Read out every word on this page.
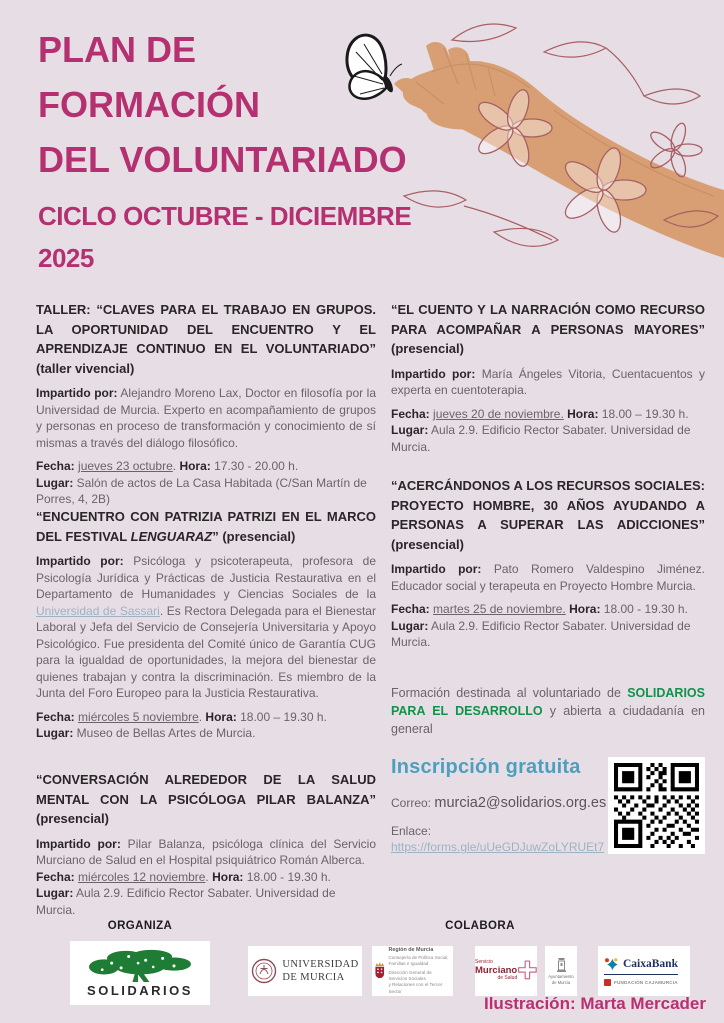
PLAN DE
FORMACIÓN
DEL VOLUNTARIADO
CICLO OCTUBRE - DICIEMBRE
2025
TALLER: “CLAVES PARA EL TRABAJO EN GRUPOS. LA OPORTUNIDAD DEL ENCUENTRO Y EL APRENDIZAJE CONTINUO EN EL VOLUNTARIADO” (taller vivencial)

Impartido por: Alejandro Moreno Lax, Doctor en filosofía por la Universidad de Murcia. Experto en acompañamiento de grupos y personas en proceso de transformación y conocimiento de sí mismas a través del diálogo filosófico.

Fecha: jueves 23 octubre. Hora: 17.30 - 20.00 h.

Lugar: Salón de actos de La Casa Habitada (C/San Martín de Porres, 4, 2B)

“ENCUENTRO CON PATRIZIA PATRIZI EN EL MARCO DEL FESTIVAL LENGUARAZ” (presencial)

Impartido por: Psicóloga y psicoterapeuta, profesora de Psicología Jurídica y Prácticas de Justicia Restaurativa en el Departamento de Humanidades y Ciencias Sociales de la Universidad de Sassari. Es Rectora Delegada para el Bienestar Laboral y Jefa del Servicio de Consejería Universitaria y Apoyo Psicológico. Fue presidenta del Comité único de Garantía CUG para la igualdad de oportunidades, la mejora del bienestar de quienes trabajan y contra la discriminación. Es miembro de la Junta del Foro Europeo para la Justicia Restaurativa.

Fecha: miércoles 5 noviembre. Hora: 18.00 – 19.30 h.

Lugar: Museo de Bellas Artes de Murcia.

“CONVERSACIÓN ALREDEDOR DE LA SALUD MENTAL CON LA PSICÓLOGA PILAR BALANZA” (presencial)

Impartido por: Pilar Balanza, psicóloga clínica del Servicio Murciano de Salud en el Hospital psiquiátrico Román Alberca.

Fecha: miércoles 12 noviembre. Hora: 18.00 - 19.30 h.

Lugar: Aula 2.9. Edificio Rector Sabater. Universidad de Murcia.

“EL CUENTO Y LA NARRACIÓN COMO RECURSO PARA ACOMPAÑAR A PERSONAS MAYORES” (presencial)

Impartido por: María Ángeles Vitoria, Cuentacuentos y experta en cuentoterapia.

Fecha: jueves 20 de noviembre. Hora: 18.00 – 19.30 h.

Lugar: Aula 2.9. Edificio Rector Sabater. Universidad de Murcia.

“ACERCÁNDONOS A LOS RECURSOS SOCIALES: PROYECTO HOMBRE, 30 AÑOS AYUDANDO A PERSONAS A SUPERAR LAS ADICCIONES” (presencial)

Impartido por: Pato Romero Valdespino Jiménez. Educador social y terapeuta en Proyecto Hombre Murcia.

Fecha: martes 25 de noviembre. Hora: 18.00 - 19.30 h.

Lugar: Aula 2.9. Edificio Rector Sabater. Universidad de Murcia.

Formación destinada al voluntariado de SOLIDARIOS PARA EL DESARROLLO y abierta a ciudadanía en general

Inscripción gratuita

Correo: murcia2@solidarios.org.es

Enlace:

https://forms.gle/uUeGDJuwZoLYRUEt7
ORGANIZA	COLABORA
SOLIDARIOS
UNIVERSIDAD
DE MURCIA
Región de Murcia
Consejería de Política Social,
Familias e Igualdad
Dirección General de Servicios Sociales
y Relaciones con el Tercer Sector
Servicio
Murciano
de Salud	Ayuntamiento
de Murcia
CaixaBank
FUNDACIÓN CAJAMURCIA
Ilustración: Marta Mercader
